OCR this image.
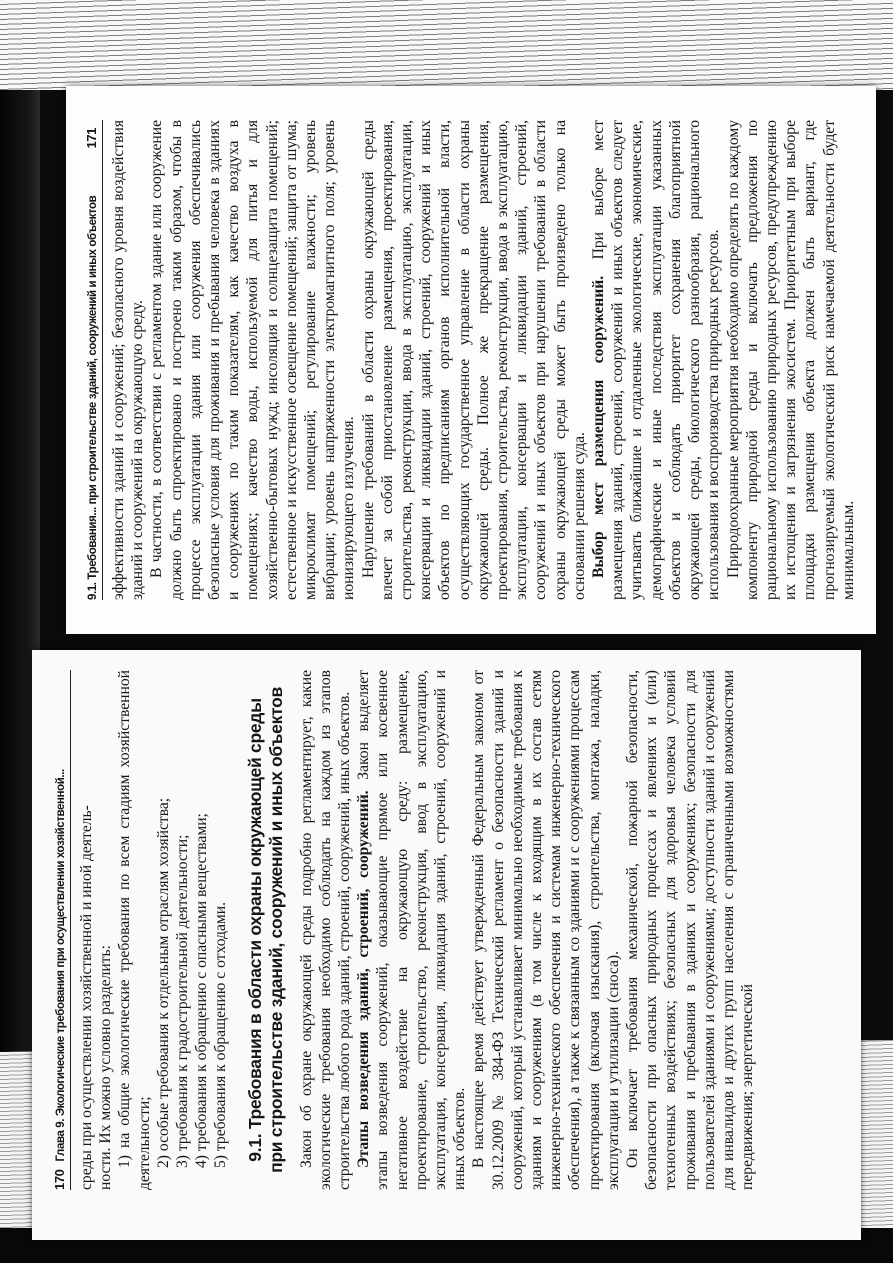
9.1. Требования... при строительстве зданий, сооружений и иных объектов
171 эффективности зданий и сооружений; безопасного уровня воздействия зданий и сооружений на окружающую среду. В частности, в соответствии с регламентом здание или сооружение должно быть спроектировано и построено таким образом, чтобы в процессе эксплуатации здания или сооружения обеспечивались безопасные условия для проживания и пребывания человека в зданиях и сооружениях по таким показателям, как качество воздуха в помещениях; качество воды, используемой для питья и для хозяйственно-бытовых нужд; инсоляция и солнцезащита помещений; естественное и искусственное освещение помещений; защита от шума; микроклимат помещений; регулирование влажности; уровень вибрации; уровень напряженности электромагнитного поля; уровень ионизирующего излучения. Нарушение требований в области охраны окружающей среды влечет за собой приостановление размещения, проектирования, строительства, реконструкции, ввода в эксплуатацию, эксплуатации, консервации и ликвидации зданий, строений, сооружений и иных объектов по предписаниям органов исполнительной власти, осуществляющих государственное управление в области охраны окружающей среды. Полное же прекращение размещения, проектирования, строительства, реконструкции, ввода в эксплуатацию, эксплуатации, консервации и ликвидации зданий, строений, сооружений и иных объектов при нарушении требований в области охраны окружающей среды может быть произведено только на основании решения суда. Выбор мест размещения сооружений. При выборе мест размещения зданий, строений, сооружений и иных объектов следует учитывать ближайшие и отдаленные экологические, экономические, демографические и иные последствия эксплуатации указанных объектов и соблюдать приоритет сохранения благоприятной окружающей среды, биологического разнообразия, рационального использования и воспроизводства природных ресурсов. Природоохранные мероприятия необходимо определять по каждому компоненту природной среды и включать предложения по рациональному использованию природных ресурсов, предупреждению их истощения и загрязнения экосистем. Приоритетным при выборе площадки размещения объекта должен быть вариант, где прогнозируемый экологический риск намечаемой деятельности будет минимальным.

170
Глава 9. Экологические требования при осуществлении хозяйственной... среды при осуществлении хозяйственной и иной деятель- ности. Их можно условно разделить: 1) на общие экологические требования по всем стадиям хозяйственной деятельности; 2) особые требования к отдельным отраслям хозяйства; 3) требования к градостроительной деятельности; 4) требования к обращению с опасными веществами; 5) требования к обращению с отходами. 9.1. Требования в области охраны окружающей среды
при строительстве зданий, сооружений и иных объектов Закон об охране окружающей среды подробно регламентирует, какие экологические требования необходимо соблюдать на каждом из этапов строительства любого рода зданий, строений, сооружений, иных объектов. Этапы возведения зданий, строений, сооружений. Закон выделяет этапы возведения сооружений, оказывающие прямое или косвенное негативное воздействие на окружающую среду: размещение, проектирование, строительство, реконструкция, ввод в эксплуатацию, эксплуатация, консервация, ликвидация зданий, строений, сооружений и иных объектов. В настоящее время действует утвержденный Федеральным законом от 30.12.2009 № 384-ФЗ Технический регламент о безопасности зданий и сооружений, который устанавливает минимально необходимые требования к зданиям и сооружениям (в том числе к входящим в их состав сетям инженерно-технического обеспечения и системам инженерно-технического обеспечения), а также к связанным со зданиями и с сооружениями процессам проектирования (включая изыскания), строительства, монтажа, наладки, эксплуатации и утилизации (сноса). Он включает требования механической, пожарной безопасности, безопасности при опасных природных процессах и явлениях и (или) техногенных воздействиях; безопасных для здоровья человека условий проживания и пребывания в зданиях и сооружениях; безопасности для пользователей зданиями и сооружениями; доступности зданий и сооружений для инвалидов и других групп населения с ограниченными возможностями передвижения; энергетической
